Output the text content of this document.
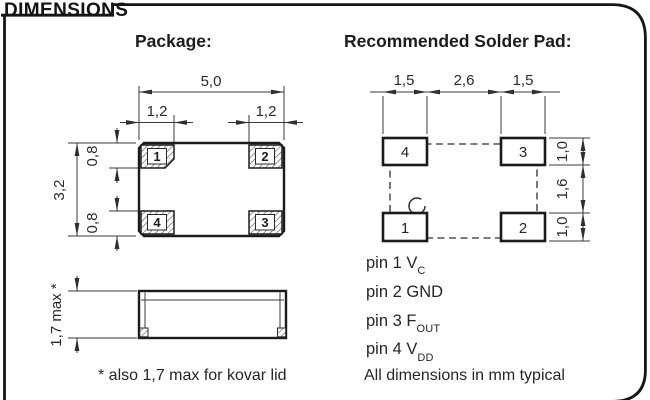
1	2
4	3
5,0
1,2	1,2
3,2
0,8
0,8
1,7 max *
4	3
1	2
1,5	2,6	1,5
1,0
1,6
1,0
DIMENSIONS
Package:	Recommended Solder Pad:
pin 1 $V_C$
pin 2 GND
pin 3 $F_{OUT}$
pin 4 $V_{DD}$
* also 1,7 max for kovar lid	All dimensions in mm typical
